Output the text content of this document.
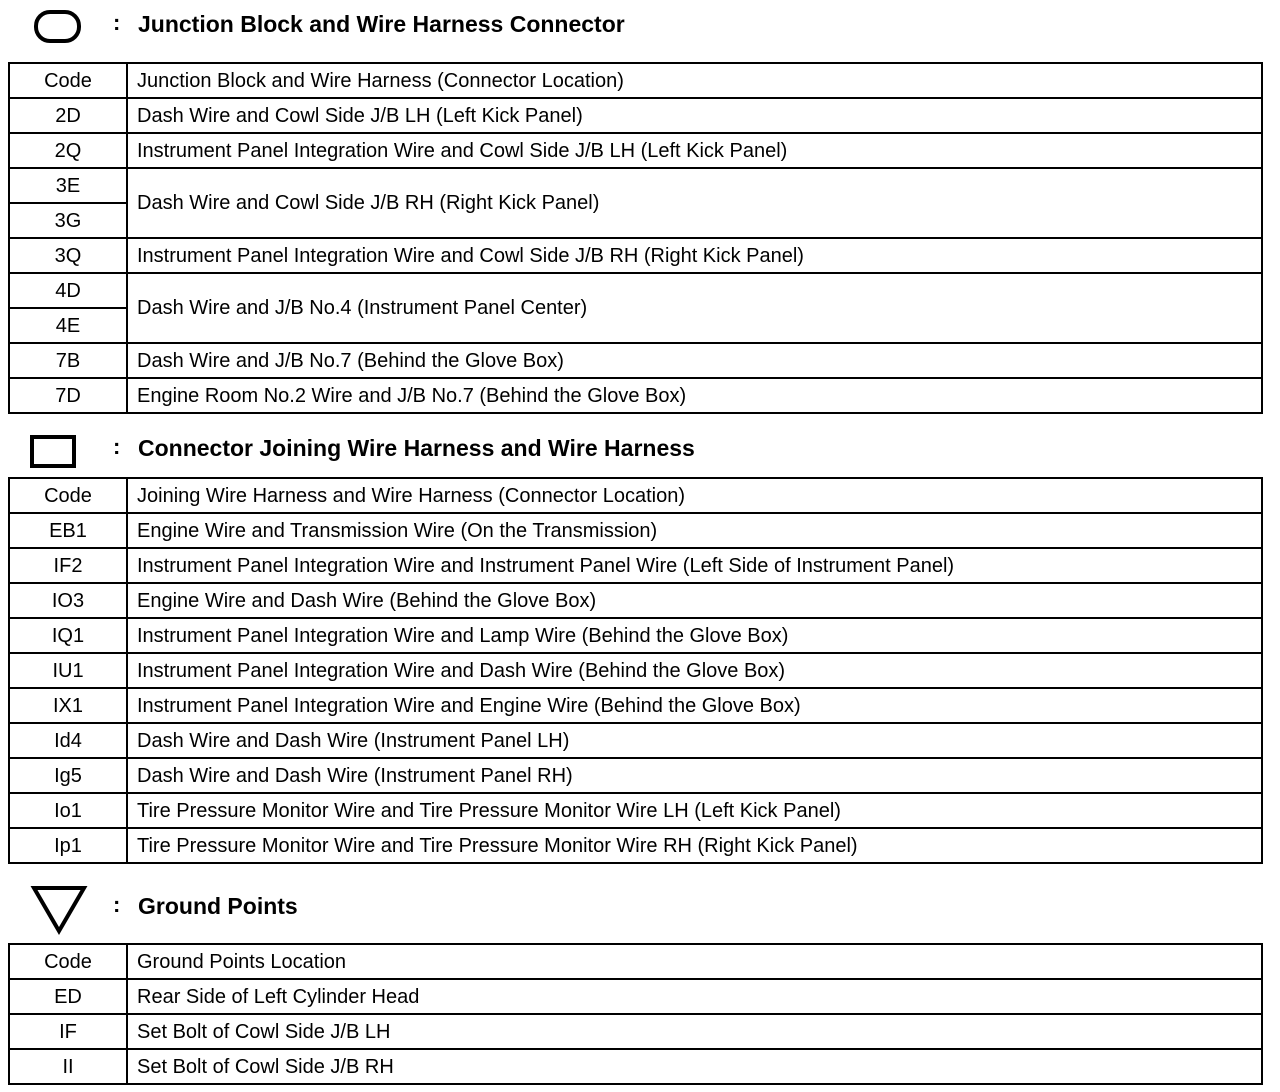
: Junction Block and Wire Harness Connector
Code	Junction Block and Wire Harness (Connector Location)
2D	Dash Wire and Cowl Side J/B LH (Left Kick Panel)
2Q	Instrument Panel Integration Wire and Cowl Side J/B LH (Left Kick Panel)
3E	Dash Wire and Cowl Side J/B RH (Right Kick Panel)
3G	
3Q	Instrument Panel Integration Wire and Cowl Side J/B RH (Right Kick Panel)
4D	Dash Wire and J/B No.4 (Instrument Panel Center)
4E	
7B	Dash Wire and J/B No.7 (Behind the Glove Box)
7D	Engine Room No.2 Wire and J/B No.7 (Behind the Glove Box)
: Connector Joining Wire Harness and Wire Harness
Code	Joining Wire Harness and Wire Harness (Connector Location)
EB1	Engine Wire and Transmission Wire (On the Transmission)
IF2	Instrument Panel Integration Wire and Instrument Panel Wire (Left Side of Instrument Panel)
IO3	Engine Wire and Dash Wire (Behind the Glove Box)
IQ1	Instrument Panel Integration Wire and Lamp Wire (Behind the Glove Box)
IU1	Instrument Panel Integration Wire and Dash Wire (Behind the Glove Box)
IX1	Instrument Panel Integration Wire and Engine Wire (Behind the Glove Box)
Id4	Dash Wire and Dash Wire (Instrument Panel LH)
Ig5	Dash Wire and Dash Wire (Instrument Panel RH)
Io1	Tire Pressure Monitor Wire and Tire Pressure Monitor Wire LH (Left Kick Panel)
Ip1	Tire Pressure Monitor Wire and Tire Pressure Monitor Wire RH (Right Kick Panel)
: Ground Points
Code	Ground Points Location
ED	Rear Side of Left Cylinder Head
IF	Set Bolt of Cowl Side J/B LH
II	Set Bolt of Cowl Side J/B RH
